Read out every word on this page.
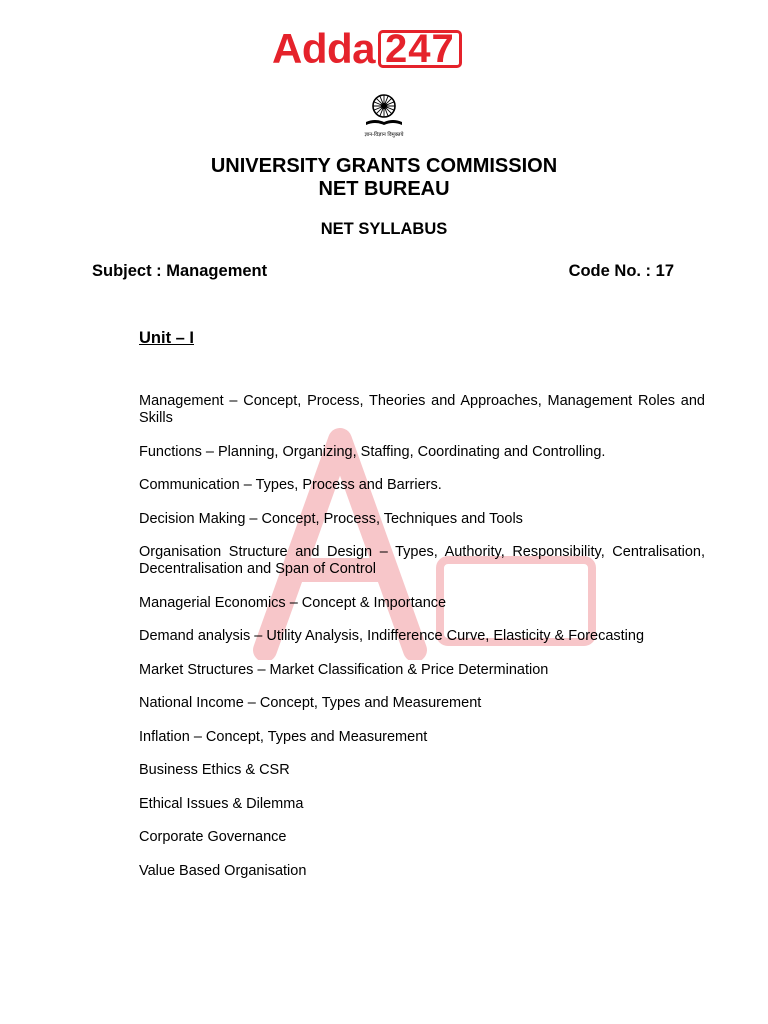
Adda 247
ज्ञान-विज्ञान विमुक्तये

UNIVERSITY GRANTS COMMISSION

NET BUREAU

NET SYLLABUS
Subject : Management	Code No. : 17
Unit – I
Management – Concept, Process, Theories and Approaches, Management Roles and Skills
Functions – Planning, Organizing, Staffing, Coordinating and Controlling.
Communication – Types, Process and Barriers.
Decision Making – Concept, Process, Techniques and Tools
Organisation Structure and Design – Types, Authority, Responsibility, Centralisation, Decentralisation and Span of Control
Managerial Economics – Concept & Importance
Demand analysis – Utility Analysis, Indifference Curve, Elasticity & Forecasting
Market Structures – Market Classification & Price Determination
National Income – Concept, Types and Measurement
Inflation – Concept, Types and Measurement
Business Ethics & CSR
Ethical Issues & Dilemma
Corporate Governance
Value Based Organisation
